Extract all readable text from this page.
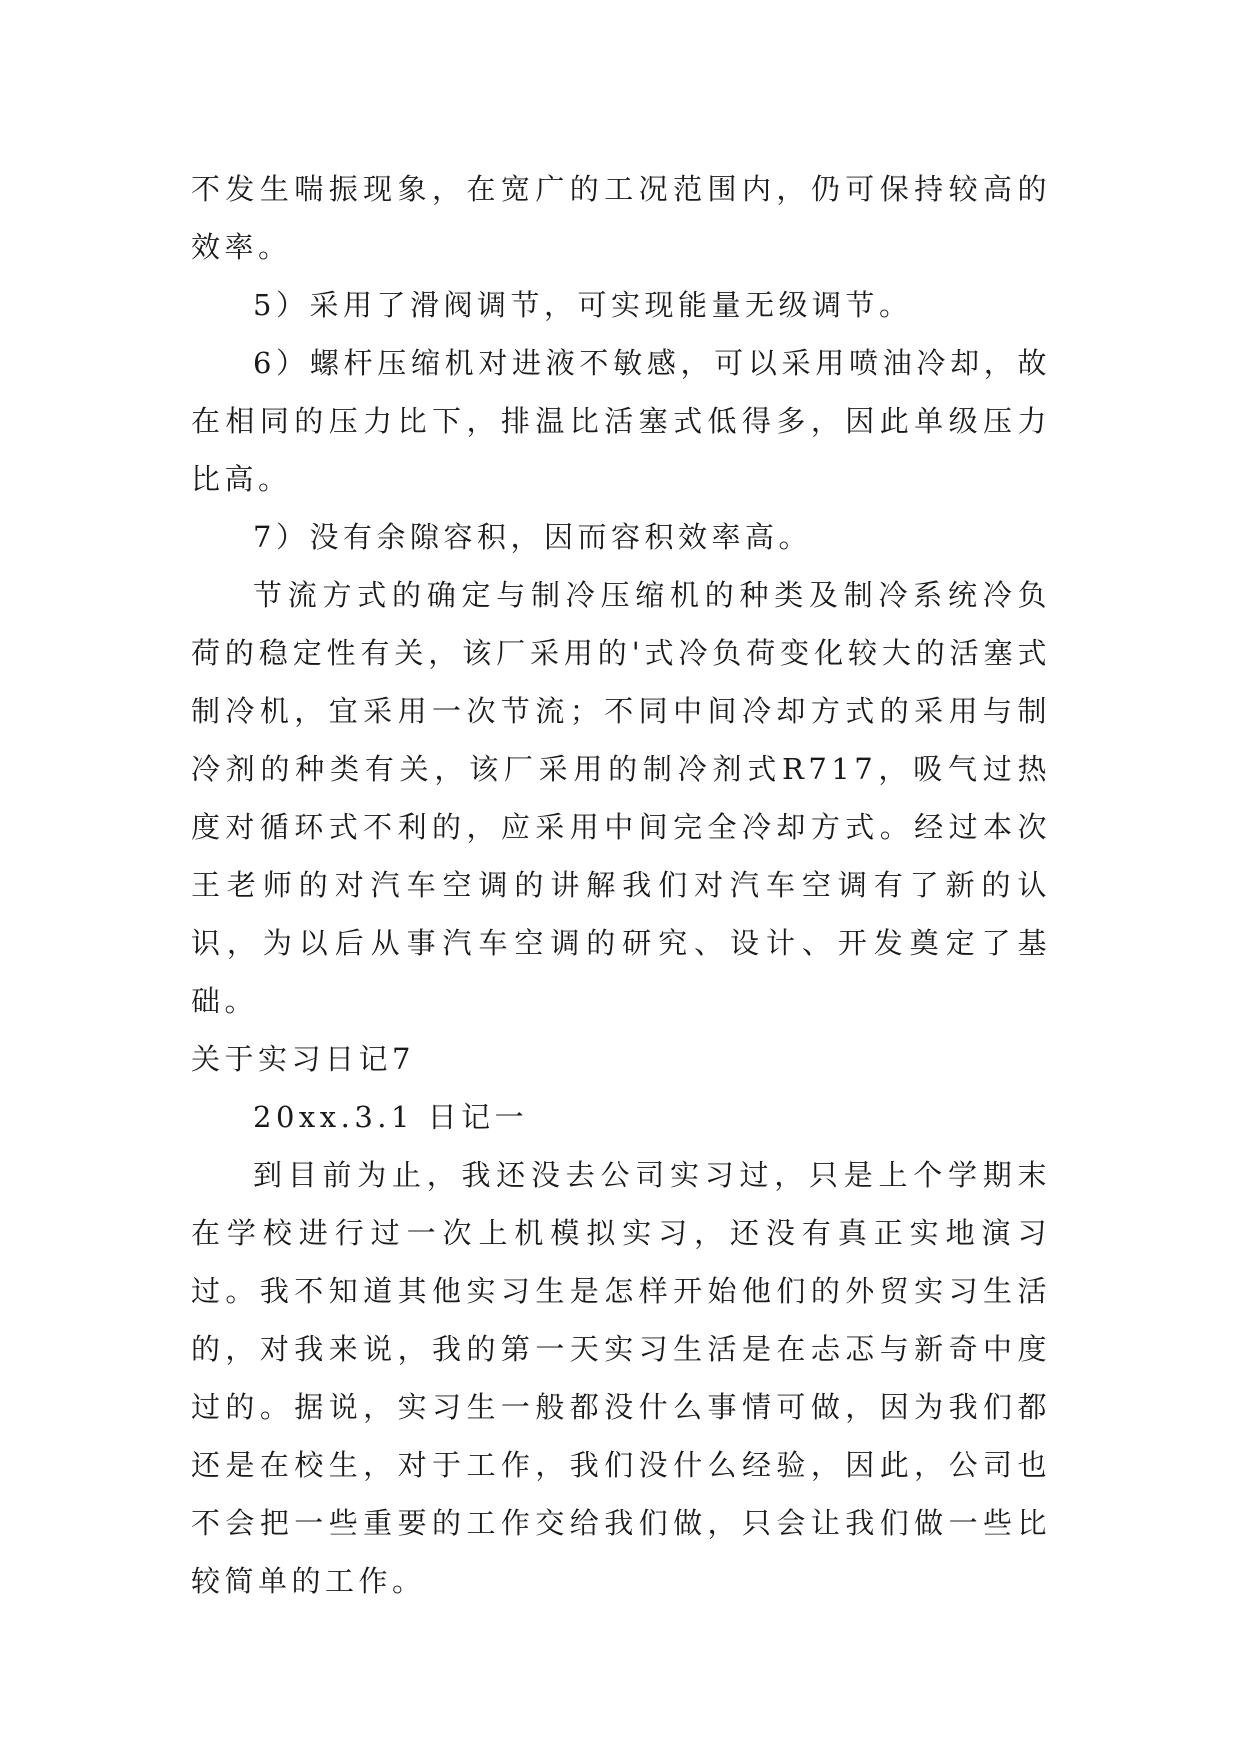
不发生喘振现象，在宽广的工况范围内，仍可保持较高的效率。

5）采用了滑阀调节，可实现能量无级调节。

6）螺杆压缩机对进液不敏感，可以采用喷油冷却，故在相同的压力比下，排温比活塞式低得多，因此单级压力比高。

7）没有余隙容积，因而容积效率高。

节流方式的确定与制冷压缩机的种类及制冷系统冷负荷的稳定性有关，该厂采用的'式冷负荷变化较大的活塞式制冷机，宜采用一次节流；不同中间冷却方式的采用与制冷剂的种类有关，该厂采用的制冷剂式R717，吸气过热度对循环式不利的，应采用中间完全冷却方式。经过本次王老师的对汽车空调的讲解我们对汽车空调有了新的认识，为以后从事汽车空调的研究、设计、开发奠定了基础。

关于实习日记7

20xx.3.1 日记一

到目前为止，我还没去公司实习过，只是上个学期末在学校进行过一次上机模拟实习，还没有真正实地演习过。我不知道其他实习生是怎样开始他们的外贸实习生活的，对我来说，我的第一天实习生活是在忐忑与新奇中度过的。据说，实习生一般都没什么事情可做，因为我们都还是在校生，对于工作，我们没什么经验，因此，公司也不会把一些重要的工作交给我们做，只会让我们做一些比较简单的工作。
